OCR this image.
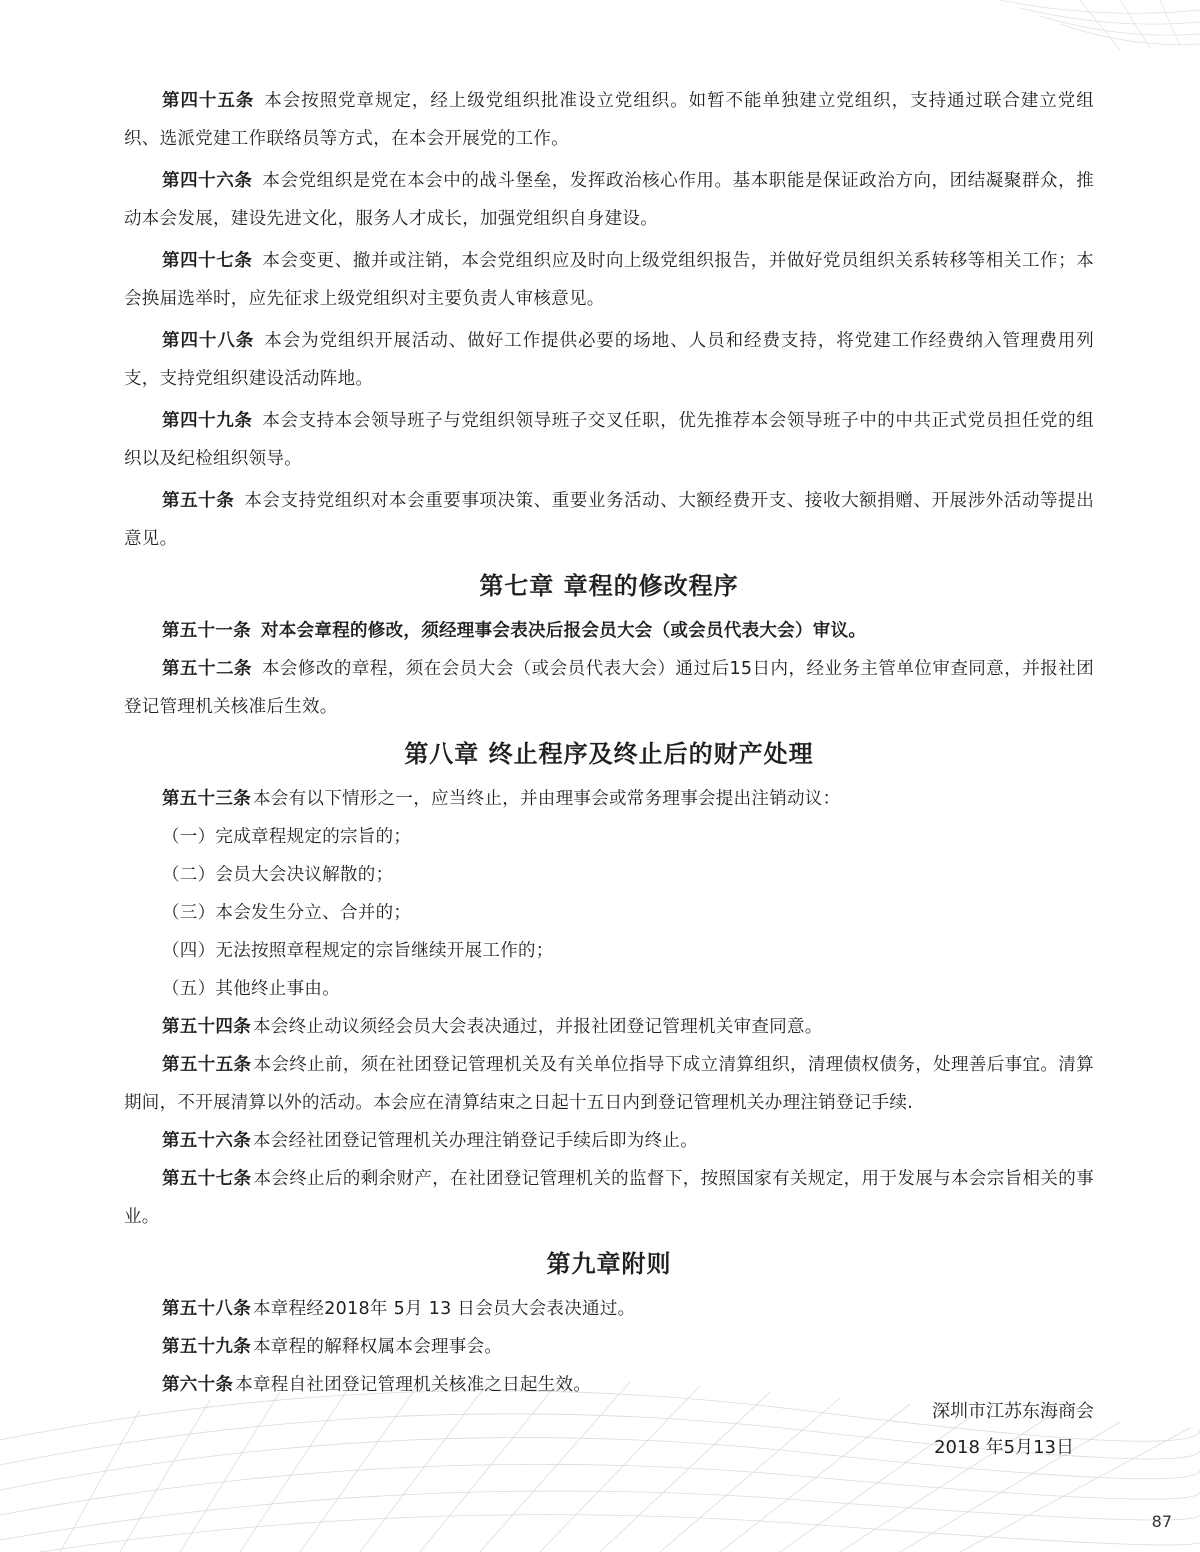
第四十五条 本会按照党章规定，经上级党组织批准设立党组织。如暂不能单独建立党组织，支持通过联合建立党组织、选派党建工作联络员等方式，在本会开展党的工作。

第四十六条 本会党组织是党在本会中的战斗堡垒，发挥政治核心作用。基本职能是保证政治方向，团结凝聚群众，推动本会发展，建设先进文化，服务人才成长，加强党组织自身建设。

第四十七条 本会变更、撤并或注销，本会党组织应及时向上级党组织报告，并做好党员组织关系转移等相关工作；本会换届选举时，应先征求上级党组织对主要负责人审核意见。

第四十八条 本会为党组织开展活动、做好工作提供必要的场地、人员和经费支持，将党建工作经费纳入管理费用列支，支持党组织建设活动阵地。

第四十九条 本会支持本会领导班子与党组织领导班子交叉任职，优先推荐本会领导班子中的中共正式党员担任党的组织以及纪检组织领导。

第五十条 本会支持党组织对本会重要事项决策、重要业务活动、大额经费开支、接收大额捐赠、开展涉外活动等提出意见。

第七章 章程的修改程序

第五十一条 对本会章程的修改，须经理事会表决后报会员大会（或会员代表大会）审议。

第五十二条 本会修改的章程，须在会员大会（或会员代表大会）通过后15日内，经业务主管单位审查同意，并报社团登记管理机关核准后生效。

第八章 终止程序及终止后的财产处理

第五十三条 本会有以下情形之一，应当终止，并由理事会或常务理事会提出注销动议：

（一）完成章程规定的宗旨的；

（二）会员大会决议解散的；

（三）本会发生分立、合并的；

（四）无法按照章程规定的宗旨继续开展工作的；

（五）其他终止事由。

第五十四条 本会终止动议须经会员大会表决通过，并报社团登记管理机关审查同意。

第五十五条 本会终止前，须在社团登记管理机关及有关单位指导下成立清算组织，清理债权债务，处理善后事宜。清算期间，不开展清算以外的活动。本会应在清算结束之日起十五日内到登记管理机关办理注销登记手续.

第五十六条 本会经社团登记管理机关办理注销登记手续后即为终止。

第五十七条 本会终止后的剩余财产，在社团登记管理机关的监督下，按照国家有关规定，用于发展与本会宗旨相关的事业。

第九章附则

第五十八条 本章程经2018年 5月 13 日会员大会表决通过。

第五十九条 本章程的解释权属本会理事会。

第六十条 本章程自社团登记管理机关核准之日起生效。

深圳市江苏东海商会
2018 年5月13日
87
